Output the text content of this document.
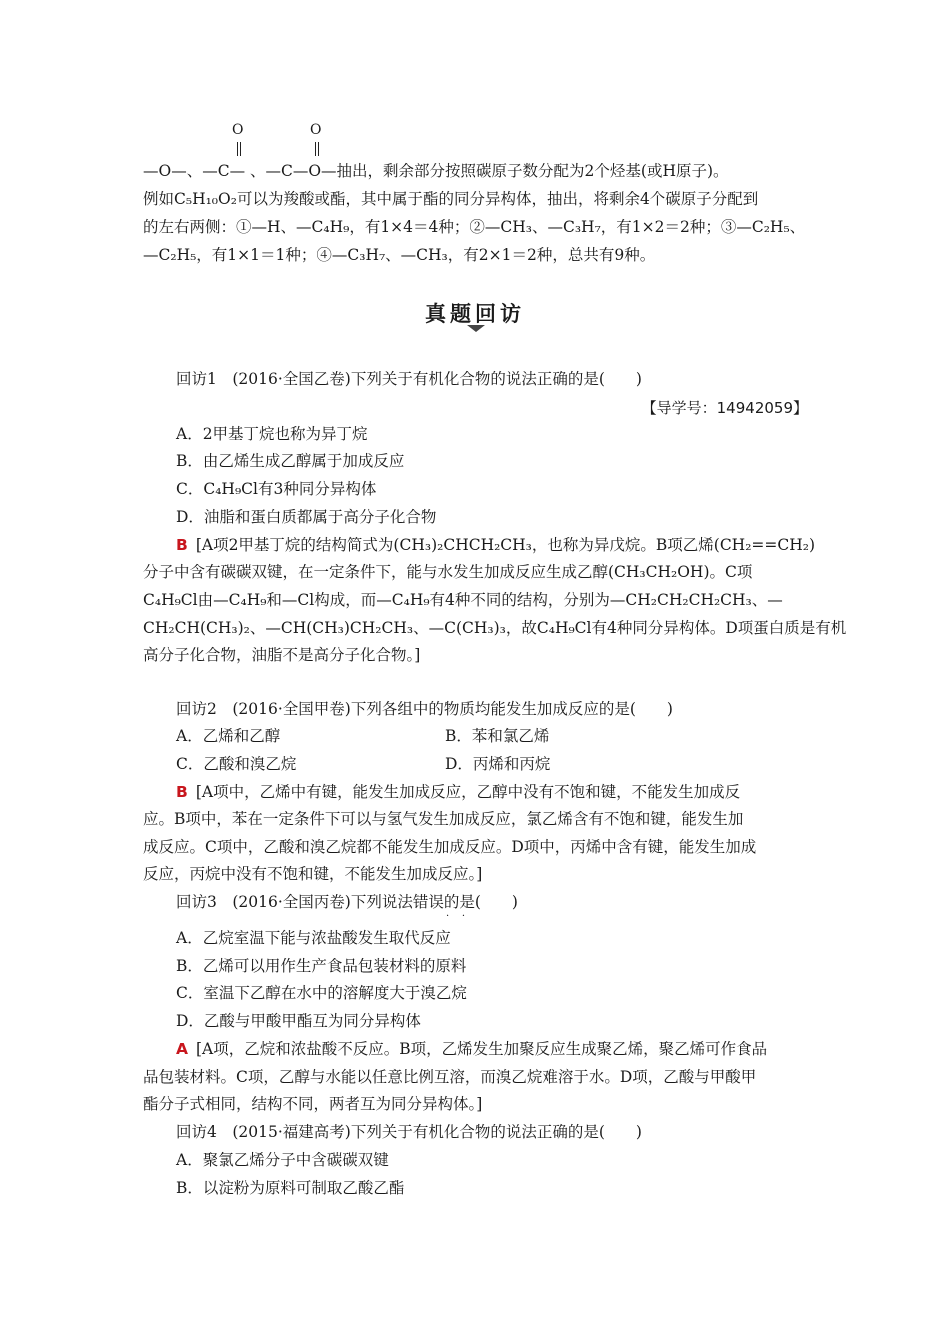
O	O
—O—、—C— 、—C—O—抽出，剩余部分按照碳原子数分配为2个烃基(或H原子)。
例如C₅H₁₀O₂可以为羧酸或酯，其中属于酯的同分异构体，抽出，将剩余4个碳原子分配到
的左右两侧：①—H、—C₄H₉，有1×4＝4种；②—CH₃、—C₃H₇，有1×2＝2种；③—C₂H₅、
—C₂H₅，有1×1＝1种；④—C₃H₇、—CH₃，有2×1＝2种，总共有9种。
真题回访
回访1　(2016·全国乙卷)下列关于有机化合物的说法正确的是(　　)
【导学号：14942059】
A．2甲基丁烷也称为异丁烷
B．由乙烯生成乙醇属于加成反应
C．C₄H₉Cl有3种同分异构体
D．油脂和蛋白质都属于高分子化合物
B [A项2甲基丁烷的结构简式为(CH₃)₂CHCH₂CH₃，也称为异戊烷。B项乙烯(CH₂==CH₂)
分子中含有碳碳双键，在一定条件下，能与水发生加成反应生成乙醇(CH₃CH₂OH)。C项
C₄H₉Cl由—C₄H₉和—Cl构成，而—C₄H₉有4种不同的结构，分别为—CH₂CH₂CH₂CH₃、—
CH₂CH(CH₃)₂、—CH(CH₃)CH₂CH₃、—C(CH₃)₃，故C₄H₉Cl有4种同分异构体。D项蛋白质是有机
高分子化合物，油脂不是高分子化合物。]
回访2　(2016·全国甲卷)下列各组中的物质均能发生加成反应的是(　　)
A．乙烯和乙醇	B．苯和氯乙烯
C．乙酸和溴乙烷	D．丙烯和丙烷
B [A项中，乙烯中有键，能发生加成反应，乙醇中没有不饱和键，不能发生加成反
应。B项中，苯在一定条件下可以与氢气发生加成反应，氯乙烯含有不饱和键，能发生加
成反应。C项中，乙酸和溴乙烷都不能发生加成反应。D项中，丙烯中含有键，能发生加成
反应，丙烷中没有不饱和键，不能发生加成反应。]
回访3　(2016·全国丙卷)下列说法错误的是(　　)
·    ·
A．乙烷室温下能与浓盐酸发生取代反应
B．乙烯可以用作生产食品包装材料的原料
C．室温下乙醇在水中的溶解度大于溴乙烷
D．乙酸与甲酸甲酯互为同分异构体
A [A项，乙烷和浓盐酸不反应。B项，乙烯发生加聚反应生成聚乙烯，聚乙烯可作食品
品包装材料。C项，乙醇与水能以任意比例互溶，而溴乙烷难溶于水。D项，乙酸与甲酸甲
酯分子式相同，结构不同，两者互为同分异构体。]
回访4　(2015·福建高考)下列关于有机化合物的说法正确的是(　　)
A．聚氯乙烯分子中含碳碳双键
B．以淀粉为原料可制取乙酸乙酯
